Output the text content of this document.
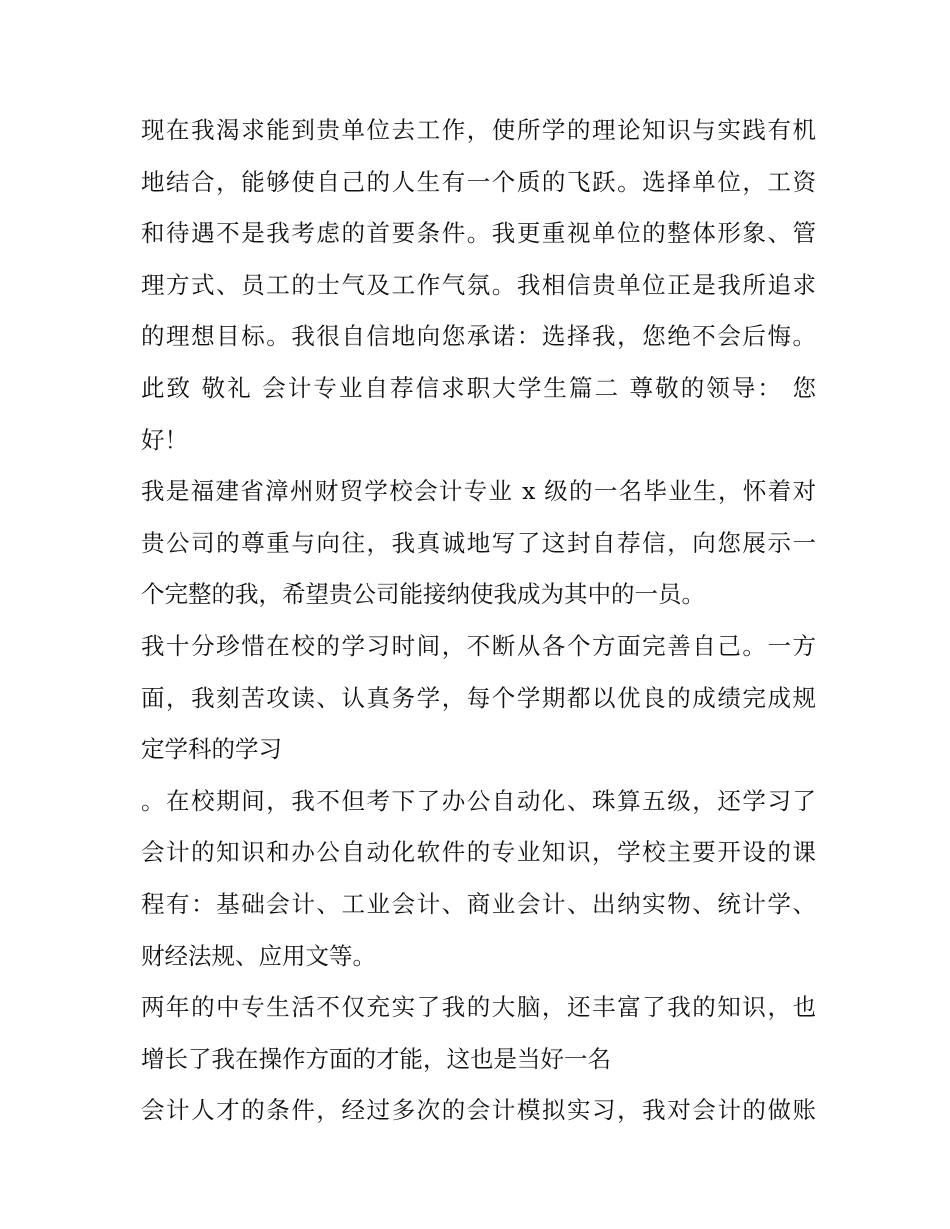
现在我渴求能到贵单位去工作，使所学的理论知识与实践有机
地结合，能够使自己的人生有一个质的飞跃。选择单位，工资
和待遇不是我考虑的首要条件。我更重视单位的整体形象、管
理方式、员工的士气及工作气氛。我相信贵单位正是我所追求
的理想目标。我很自信地向您承诺：选择我，您绝不会后悔。
此致 敬礼 会计专业自荐信求职大学生篇二 尊敬的领导： 您
好！
我是福建省漳州财贸学校会计专业 x 级的一名毕业生，怀着对
贵公司的尊重与向往，我真诚地写了这封自荐信，向您展示一
个完整的我，希望贵公司能接纳使我成为其中的一员。
我十分珍惜在校的学习时间，不断从各个方面完善自己。一方
面，我刻苦攻读、认真务学，每个学期都以优良的成绩完成规
定学科的学习
。在校期间，我不但考下了办公自动化、珠算五级，还学习了
会计的知识和办公自动化软件的专业知识，学校主要开设的课
程有：基础会计、工业会计、商业会计、出纳实物、统计学、
财经法规、应用文等。
两年的中专生活不仅充实了我的大脑，还丰富了我的知识，也
增长了我在操作方面的才能，这也是当好一名
会计人才的条件，经过多次的会计模拟实习，我对会计的做账
